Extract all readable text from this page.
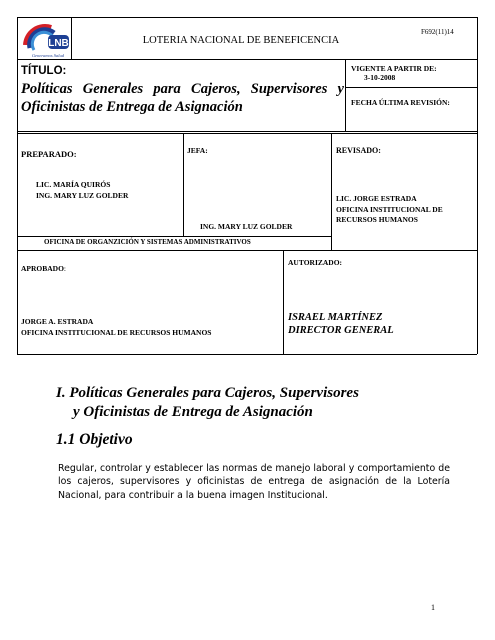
LNB
Generamos Salud
LOTERIA NACIONAL DE BENEFICENCIA
F692(11)14
TÍTULO:
Políticas Generales para Cajeros, Supervisores y Oficinistas de Entrega de Asignación
VIGENTE A PARTIR DE:
3-10-2008
FECHA ÚLTIMA REVISIÓN:
PREPARADO:
LIC. MARÍA QUIRÓS
ING. MARY LUZ GOLDER
JEFA:
ING. MARY LUZ GOLDER
REVISADO:
LIC. JORGE ESTRADA
OFICINA INSTITUCIONAL DE
RECURSOS HUMANOS
OFICINA DE ORGANZICIÓN Y SISTEMAS ADMINISTRATIVOS
APROBADO:
JORGE A. ESTRADA
OFICINA INSTITUCIONAL DE RECURSOS HUMANOS
AUTORIZADO:
ISRAEL MARTÍNEZ
DIRECTOR GENERAL
I. Políticas Generales para Cajeros, Supervisores
y Oficinistas de Entrega de Asignación
1.1 Objetivo
Regular, controlar y establecer las normas de manejo laboral y comportamiento de los cajeros, supervisores y oficinistas de entrega de asignación de la Lotería Nacional, para contribuir a la buena imagen Institucional.
1
